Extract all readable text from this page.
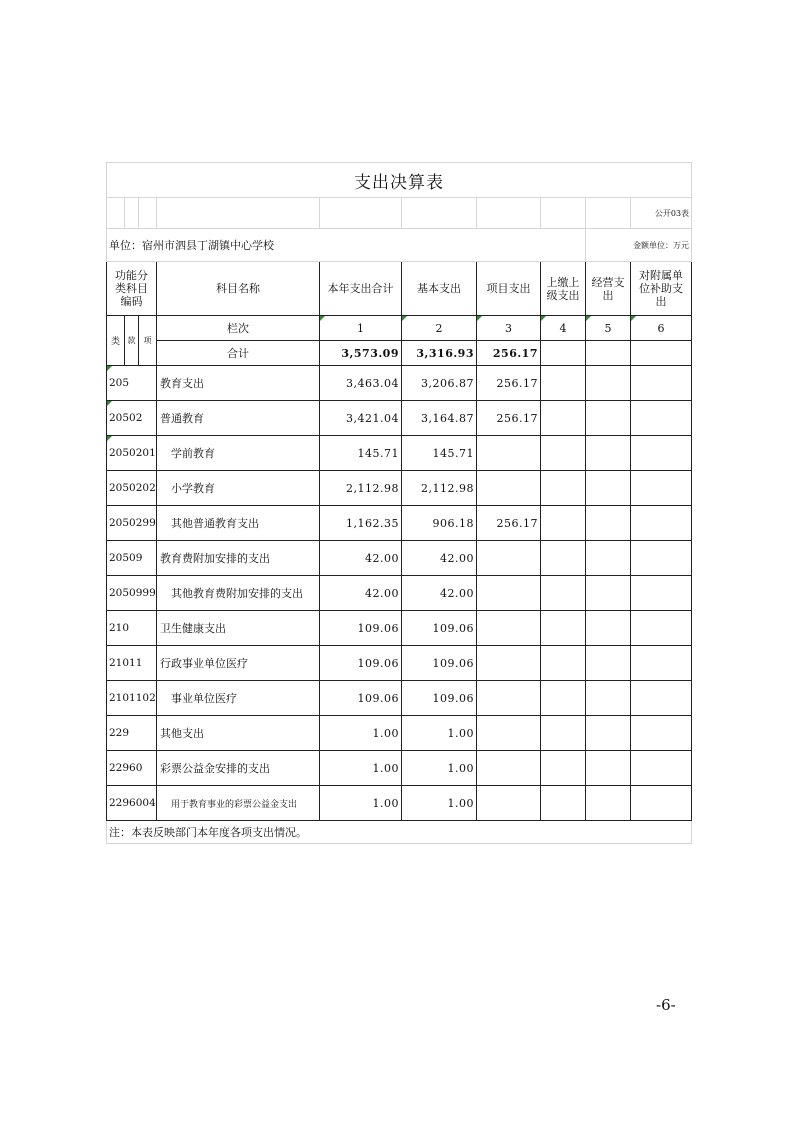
支出决算表									
									公开03表
单位：宿州市泗县丁湖镇中心学校								金额单位：万元	
功能分类科目编码			科目名称	本年支出合计	基本支出	项目支出	上缴上级支出	经营支出	对附属单位补助支出
类	款	项	栏次	1	2	3	4	5	6
			合计	3,573.09	3,316.93	256.17			
205			教育支出	3,463.04	3,206.87	256.17			
20502			普通教育	3,421.04	3,164.87	256.17			
2050201			学前教育	145.71	145.71				
2050202			小学教育	2,112.98	2,112.98				
2050299			其他普通教育支出	1,162.35	906.18	256.17			
20509			教育费附加安排的支出	42.00	42.00				
2050999			其他教育费附加安排的支出	42.00	42.00				
210			卫生健康支出	109.06	109.06				
21011			行政事业单位医疗	109.06	109.06				
2101102			事业单位医疗	109.06	109.06				
229			其他支出	1.00	1.00				
22960			彩票公益金安排的支出	1.00	1.00				
2296004			用于教育事业的彩票公益金支出	1.00	1.00				
注：本表反映部门本年度各项支出情况。									
-6-
